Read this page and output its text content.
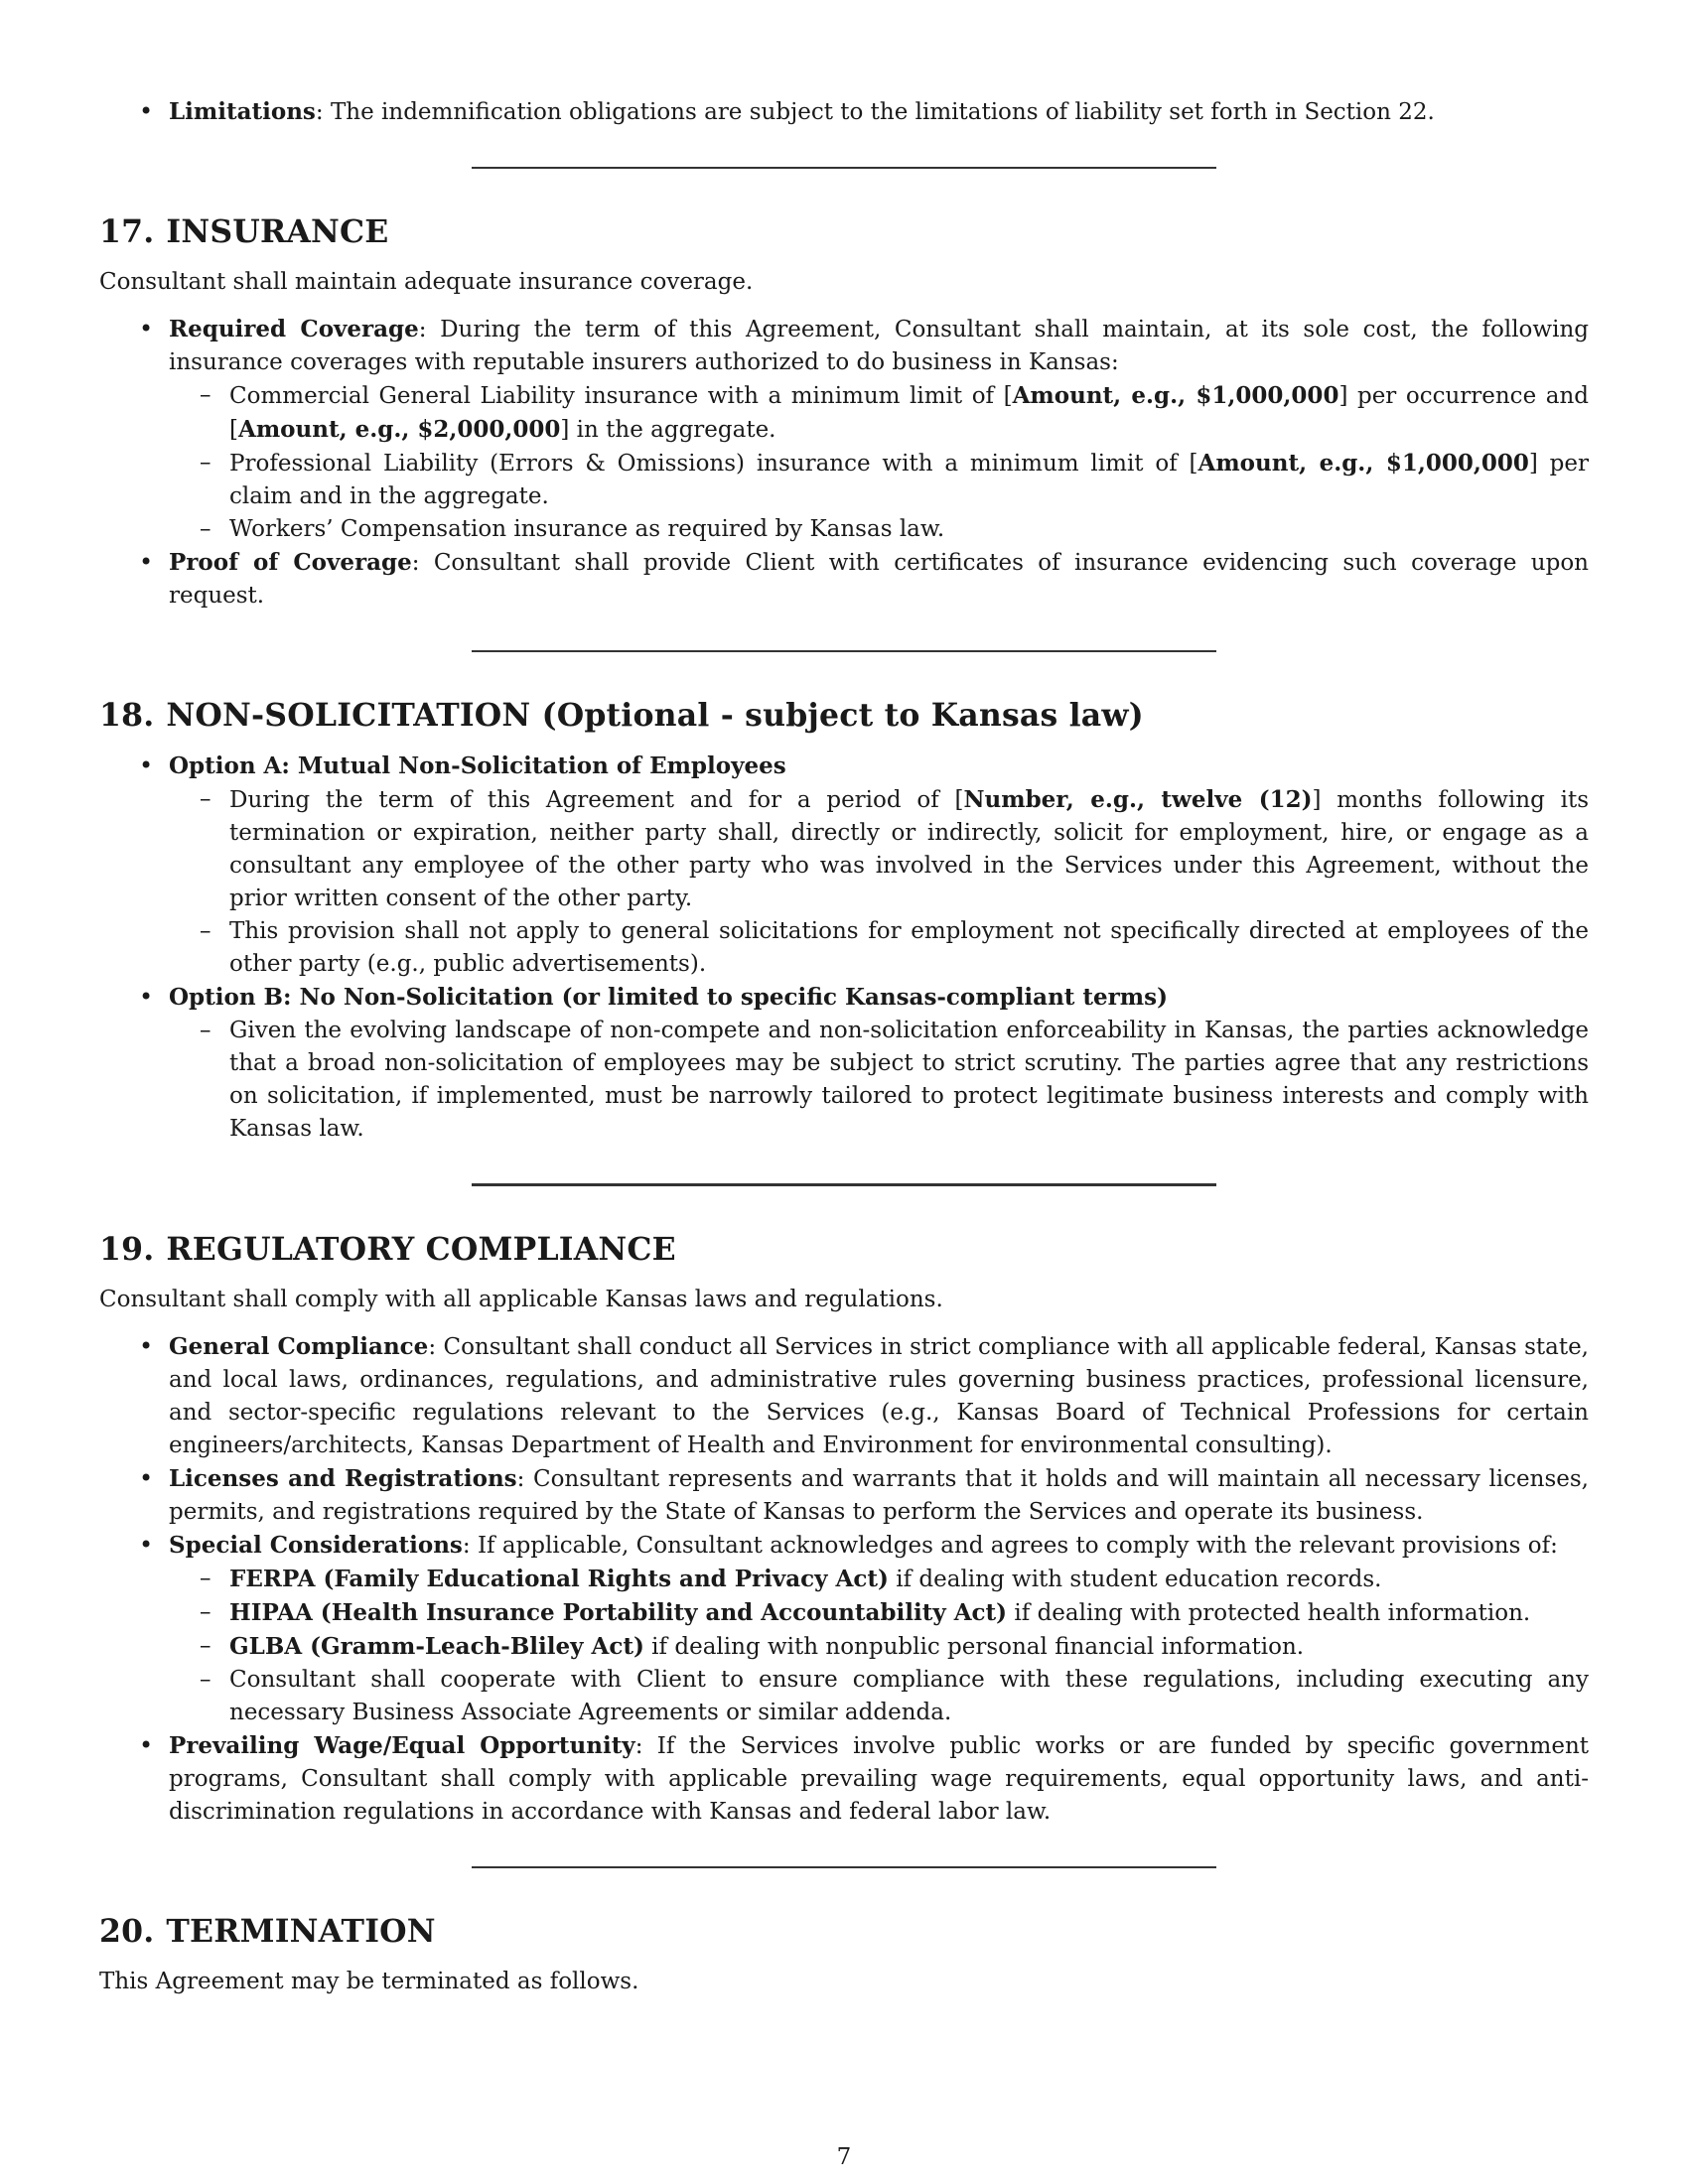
• Limitations: The indemnification obligations are subject to the limitations of liability set forth in Section 22.
17. INSURANCE

Consultant shall maintain adequate insurance coverage.

• Required Coverage: During the term of this Agreement, Consultant shall maintain, at its sole cost, the following insurance coverages with reputable insurers authorized to do business in Kansas:
– Commercial General Liability insurance with a minimum limit of [Amount, e.g., $1,000,000] per occurrence and [Amount, e.g., $2,000,000] in the aggregate.
– Professional Liability (Errors & Omissions) insurance with a minimum limit of [Amount, e.g., $1,000,000] per claim and in the aggregate.
– Workers’ Compensation insurance as required by Kansas law.
• Proof of Coverage: Consultant shall provide Client with certificates of insurance evidencing such coverage upon request.
18. NON-SOLICITATION (Optional - subject to Kansas law)
• Option A: Mutual Non-Solicitation of Employees
– During the term of this Agreement and for a period of [Number, e.g., twelve (12)] months following its termination or expiration, neither party shall, directly or indirectly, solicit for employment, hire, or engage as a consultant any employee of the other party who was involved in the Services under this Agreement, without the prior written consent of the other party.
– This provision shall not apply to general solicitations for employment not specifically directed at employees of the other party (e.g., public advertisements).
• Option B: No Non-Solicitation (or limited to specific Kansas-compliant terms)
– Given the evolving landscape of non-compete and non-solicitation enforceability in Kansas, the parties acknowledge that a broad non-solicitation of employees may be subject to strict scrutiny. The parties agree that any restrictions on solicitation, if implemented, must be narrowly tailored to protect legitimate business interests and comply with Kansas law.
19. REGULATORY COMPLIANCE

Consultant shall comply with all applicable Kansas laws and regulations.

• General Compliance: Consultant shall conduct all Services in strict compliance with all applicable federal, Kansas state, and local laws, ordinances, regulations, and administrative rules governing business practices, professional licensure, and sector-specific regulations relevant to the Services (e.g., Kansas Board of Technical Professions for certain engineers/architects, Kansas Department of Health and Environment for environmental consulting).
• Licenses and Registrations: Consultant represents and warrants that it holds and will maintain all necessary licenses, permits, and registrations required by the State of Kansas to perform the Services and operate its business.
• Special Considerations: If applicable, Consultant acknowledges and agrees to comply with the relevant provisions of:
– FERPA (Family Educational Rights and Privacy Act) if dealing with student education records.
– HIPAA (Health Insurance Portability and Accountability Act) if dealing with protected health information.
– GLBA (Gramm-Leach-Bliley Act) if dealing with nonpublic personal financial information.
– Consultant shall cooperate with Client to ensure compliance with these regulations, including executing any necessary Business Associate Agreements or similar addenda.
• Prevailing Wage/Equal Opportunity: If the Services involve public works or are funded by specific government programs, Consultant shall comply with applicable prevailing wage requirements, equal opportunity laws, and anti-discrimination regulations in accordance with Kansas and federal labor law.
20. TERMINATION

This Agreement may be terminated as follows.

7
